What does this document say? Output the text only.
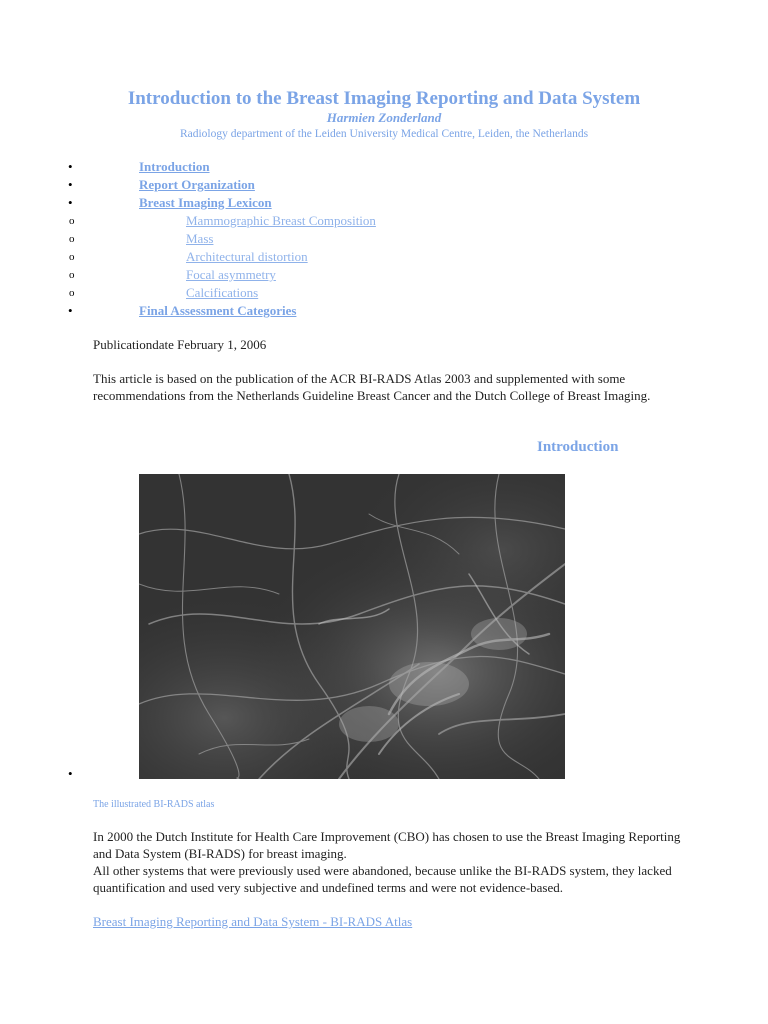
Introduction to the Breast Imaging Reporting and Data System
Harmien Zonderland
Radiology department of the Leiden University Medical Centre, Leiden, the Netherlands
•	Introduction
•	Report Organization
•	Breast Imaging Lexicon
o	Mammographic Breast Composition
o	Mass
o	Architectural distortion
o	Focal asymmetry
o	Calcifications
•	Final Assessment Categories

Publicationdate February 1, 2006

This article is based on the publication of the ACR BI-RADS Atlas 2003 and supplemented with some recommendations from the Netherlands Guideline Breast Cancer and the Dutch College of Breast Imaging.

Introduction
•
The illustrated BI-RADS atlas

In 2000 the Dutch Institute for Health Care Improvement (CBO) has chosen to use the Breast Imaging Reporting and Data System (BI-RADS) for breast imaging.

All other systems that were previously used were abandoned, because unlike the BI-RADS system, they lacked quantification and used very subjective and undefined terms and were not evidence-based.

Breast Imaging Reporting and Data System - BI-RADS Atlas
